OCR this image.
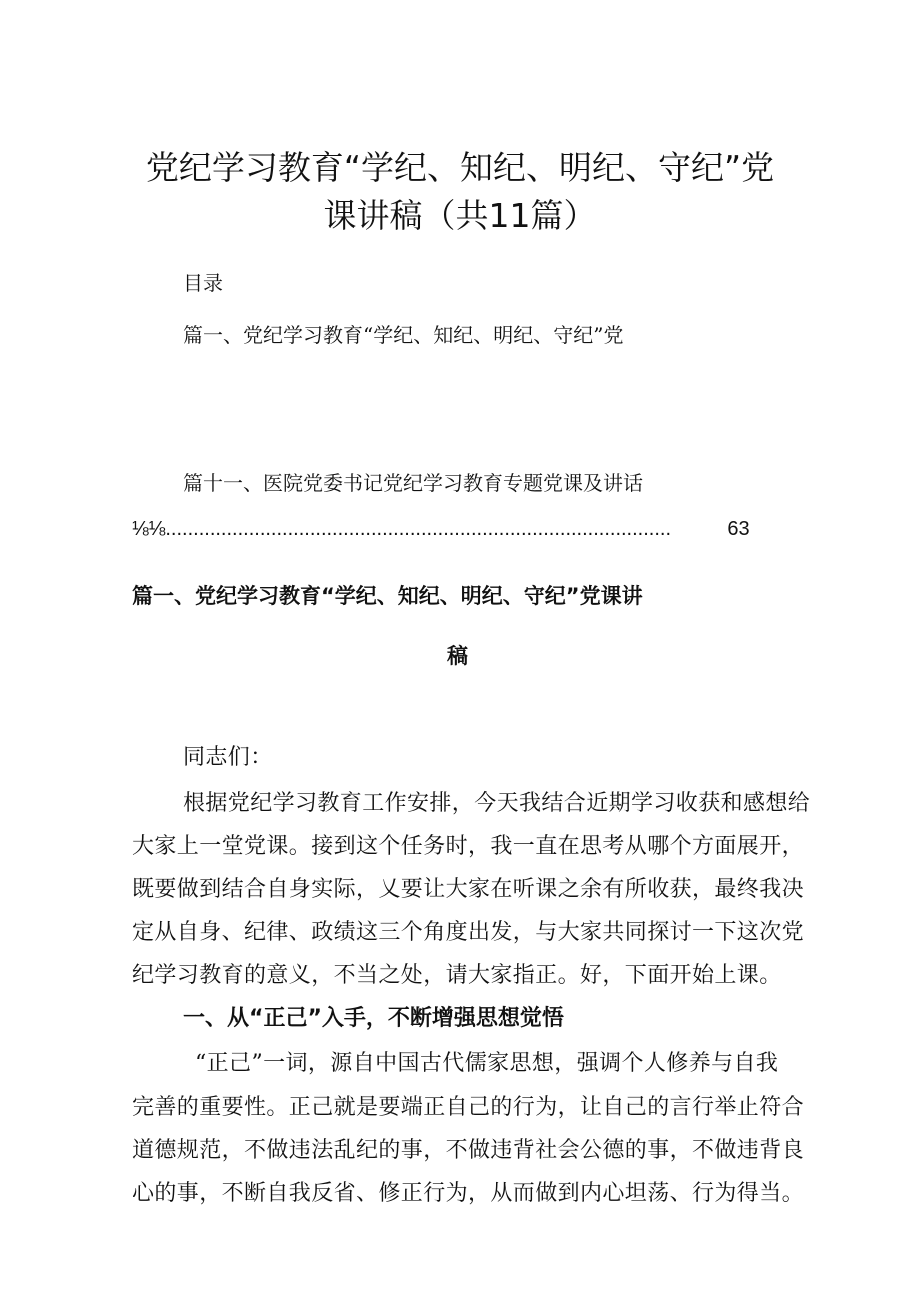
党纪学习教育“学纪、知纪、明纪、守纪”党
课讲稿（共11篇）
目录
篇一、党纪学习教育“学纪、知纪、明纪、守纪”党
篇十一、医院党委书记党纪学习教育专题党课及讲话
⅛⅛...........................................................................................	63
篇一、党纪学习教育“学纪、知纪、明纪、守纪”党课讲
稿
同志们：
根据党纪学习教育工作安排，今天我结合近期学习收获和感想给
大家上一堂党课。接到这个任务时，我一直在思考从哪个方面展开，
既要做到结合自身实际，乂要让大家在听课之余有所收获，最终我决
定从自身、纪律、政绩这三个角度出发，与大家共同探讨一下这次党
纪学习教育的意义，不当之处，请大家指正。好，下面开始上课。
一、从“正己”入手，不断增强思想觉悟
“正己”一词，源自中国古代儒家思想，强调个人修养与自我
完善的重要性。正己就是要端正自己的行为，让自己的言行举止符合
道德规范，不做违法乱纪的事，不做违背社会公德的事，不做违背良
心的事，不断自我反省、修正行为，从而做到内心坦荡、行为得当。
